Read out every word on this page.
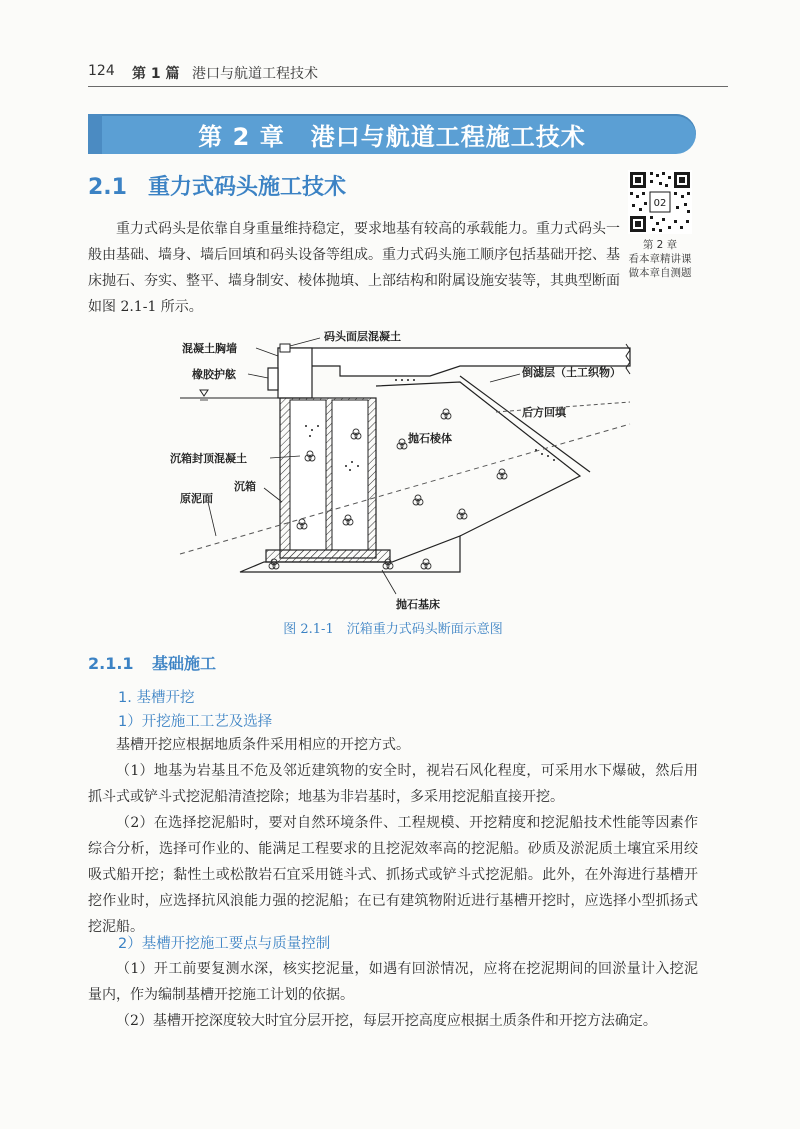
124 第 1 篇 港口与航道工程技术
第 2 章 港口与航道工程施工技术
2.1 重力式码头施工技术
02
第 2 章
看本章精讲课
做本章自测题
重力式码头是依靠自身重量维持稳定，要求地基有较高的承载能力。重力式码头一般由基础、墙身、墙后回填和码头设备等组成。重力式码头施工顺序包括基础开挖、基床抛石、夯实、整平、墙身制安、棱体抛填、上部结构和附属设施安装等，其典型断面如图 2.1-1 所示。
码头面层混凝土
混凝土胸墙
橡胶护舷	倒滤层（土工织物）
后方回填
抛石棱体
沉箱封顶混凝土
沉箱
原泥面
抛石基床
图 2.1-1　沉箱重力式码头断面示意图
2.1.1 基础施工
1. 基槽开挖
1）开挖施工工艺及选择
基槽开挖应根据地质条件采用相应的开挖方式。
（1）地基为岩基且不危及邻近建筑物的安全时，视岩石风化程度，可采用水下爆破，然后用抓斗式或铲斗式挖泥船清渣挖除；地基为非岩基时，多采用挖泥船直接开挖。
（2）在选择挖泥船时，要对自然环境条件、工程规模、开挖精度和挖泥船技术性能等因素作综合分析，选择可作业的、能满足工程要求的且挖泥效率高的挖泥船。砂质及淤泥质土壤宜采用绞吸式船开挖；黏性土或松散岩石宜采用链斗式、抓扬式或铲斗式挖泥船。此外，在外海进行基槽开挖作业时，应选择抗风浪能力强的挖泥船；在已有建筑物附近进行基槽开挖时，应选择小型抓扬式挖泥船。
2）基槽开挖施工要点与质量控制
（1）开工前要复测水深，核实挖泥量，如遇有回淤情况，应将在挖泥期间的回淤量计入挖泥量内，作为编制基槽开挖施工计划的依据。
（2）基槽开挖深度较大时宜分层开挖，每层开挖高度应根据土质条件和开挖方法确定。
